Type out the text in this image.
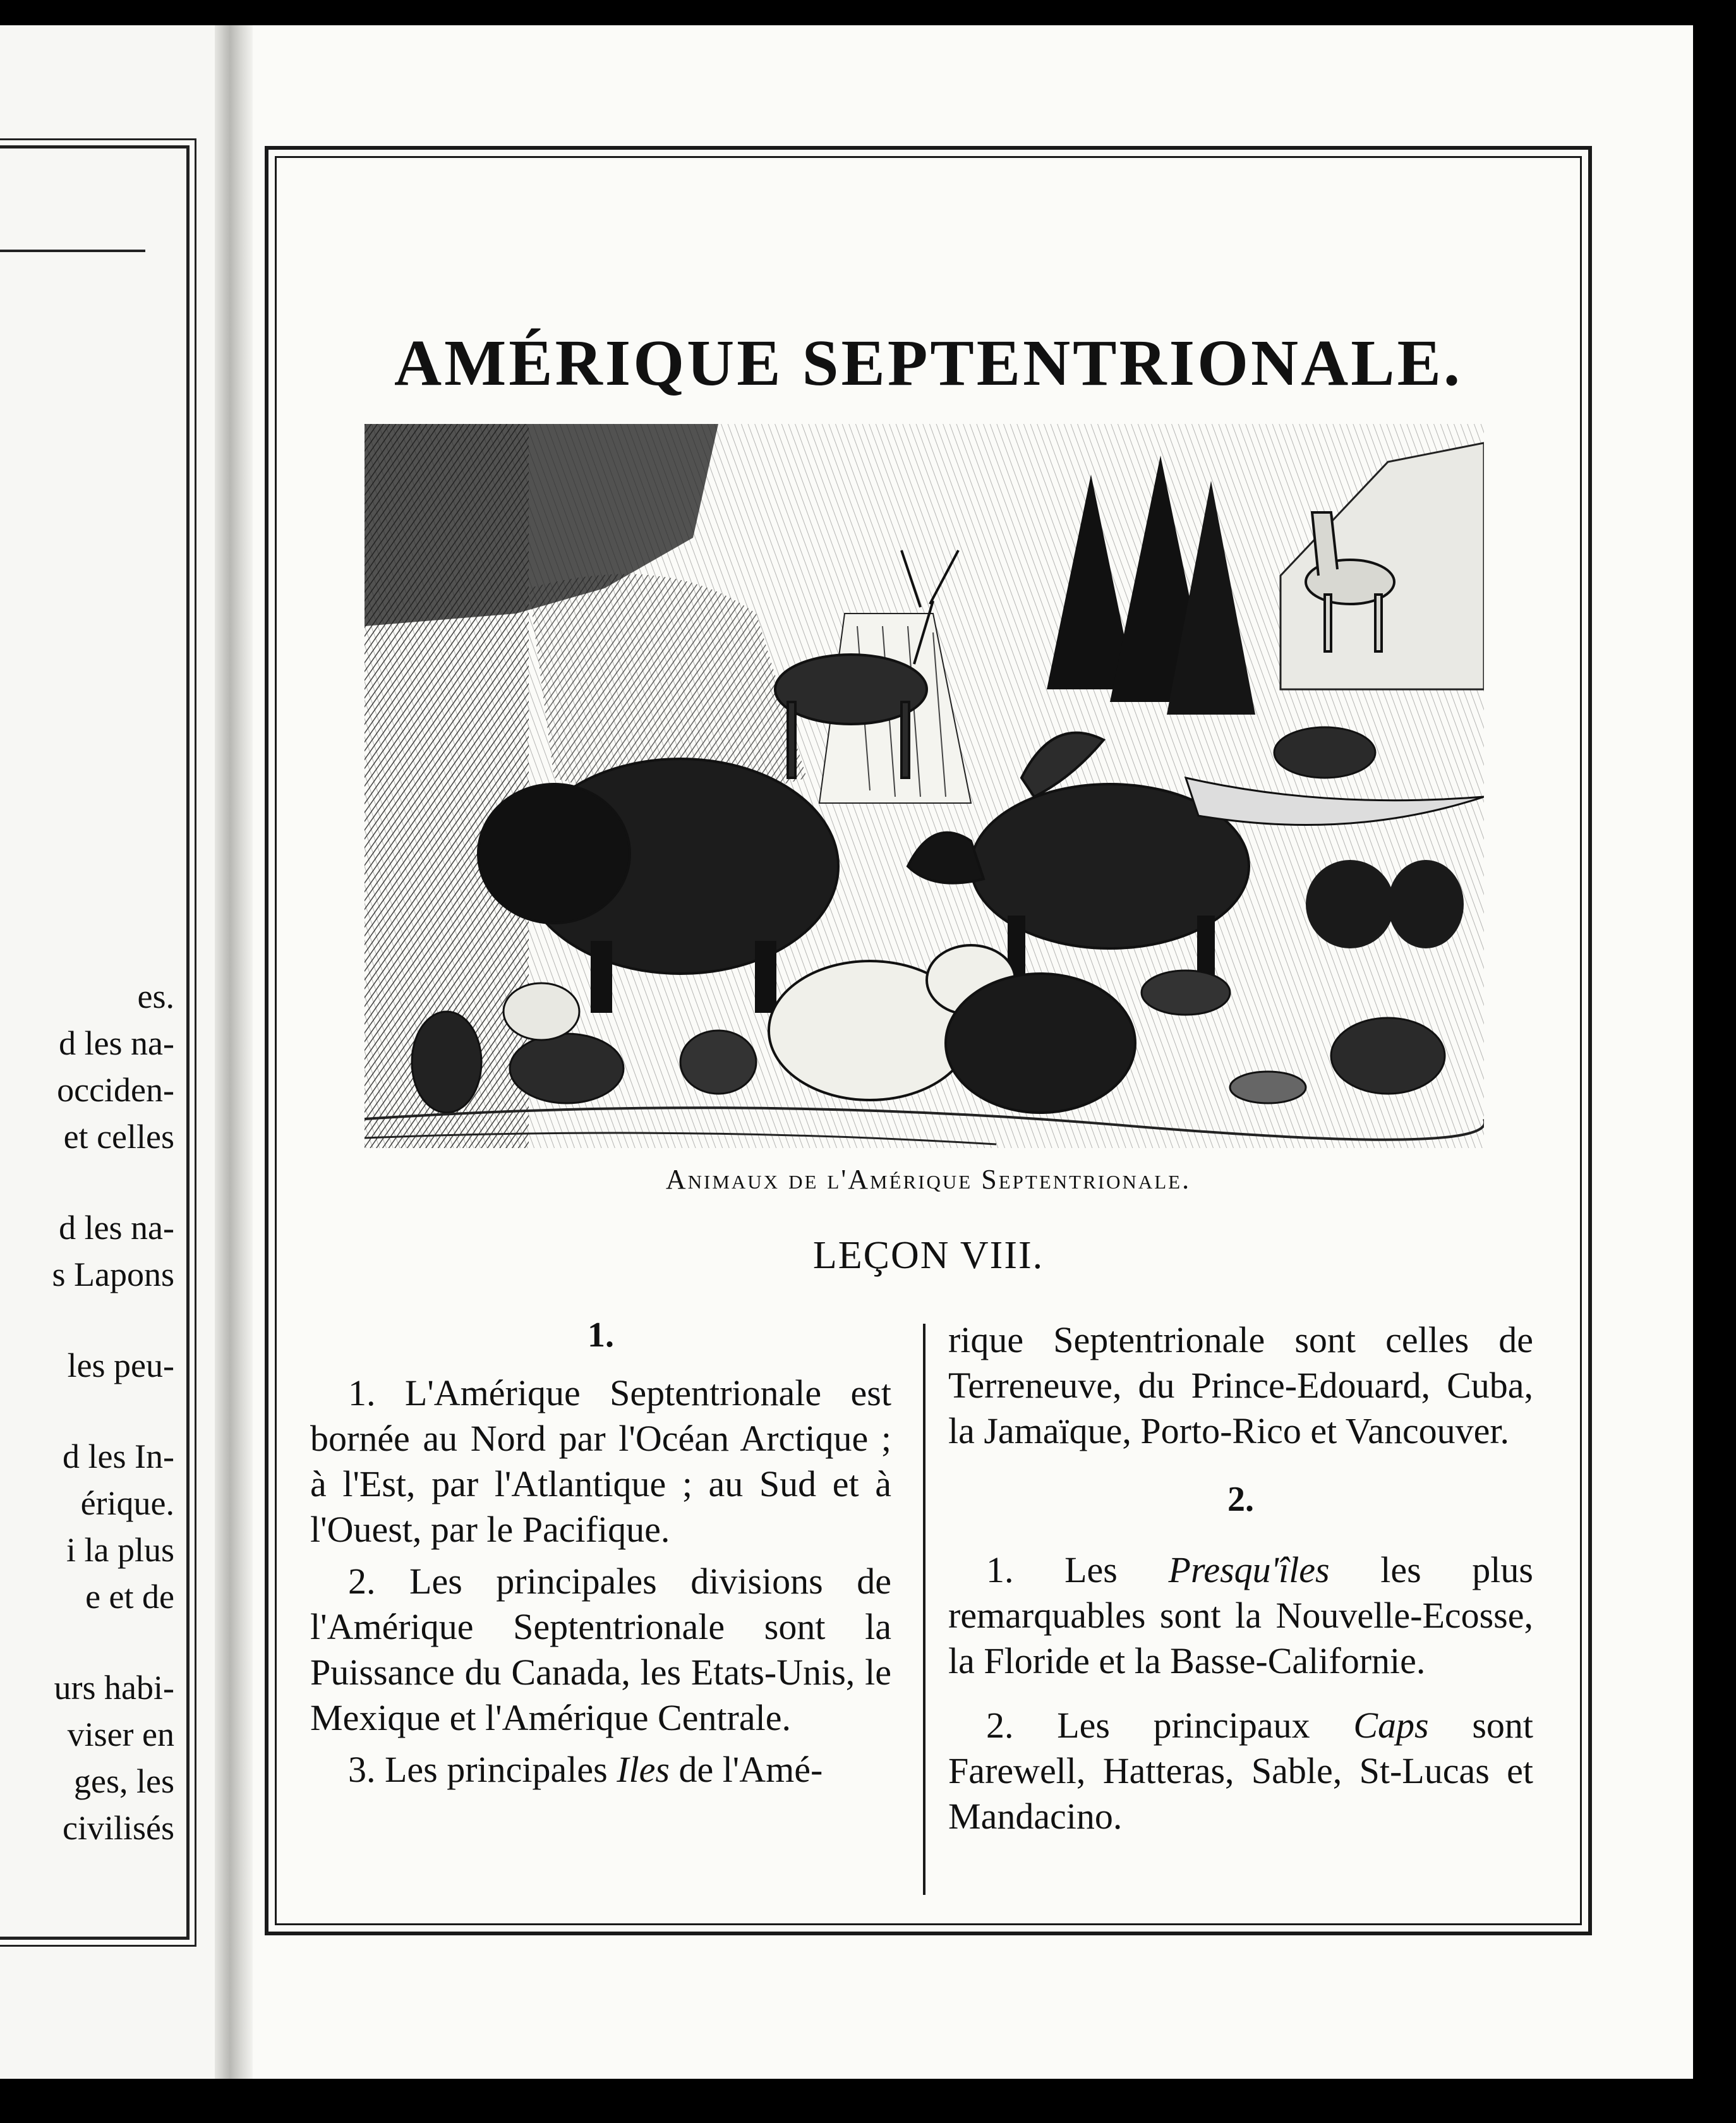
es.
d les na-
occiden-
et celles
d les na-
s Lapons
les peu-
d les In-
érique.
i la plus
e et de
urs habi-
viser en
ges, les
civilisés
AMÉRIQUE SEPTENTRIONALE.
Animaux de l'Amérique Septentrionale.
LEÇON VIII.
1.

1. L'Amérique Septentrionale est bornée au Nord par l'Océan Arctique ; à l'Est, par l'Atlantique ; au Sud et à l'Ouest, par le Pacifique.

2. Les principales divisions de l'Amérique Septentrionale sont la Puissance du Canada, les Etats-Unis, le Mexique et l'Amérique Centrale.

3. Les principales Iles de l'Amé-

rique Septentrionale sont celles de Terreneuve, du Prince-Edouard, Cuba, la Jamaïque, Porto-Rico et Vancouver.

2.

1. Les Presqu'îles les plus remarquables sont la Nouvelle-Ecosse, la Floride et la Basse-Californie.

2. Les principaux Caps sont Farewell, Hatteras, Sable, St-Lucas et Mandacino.
